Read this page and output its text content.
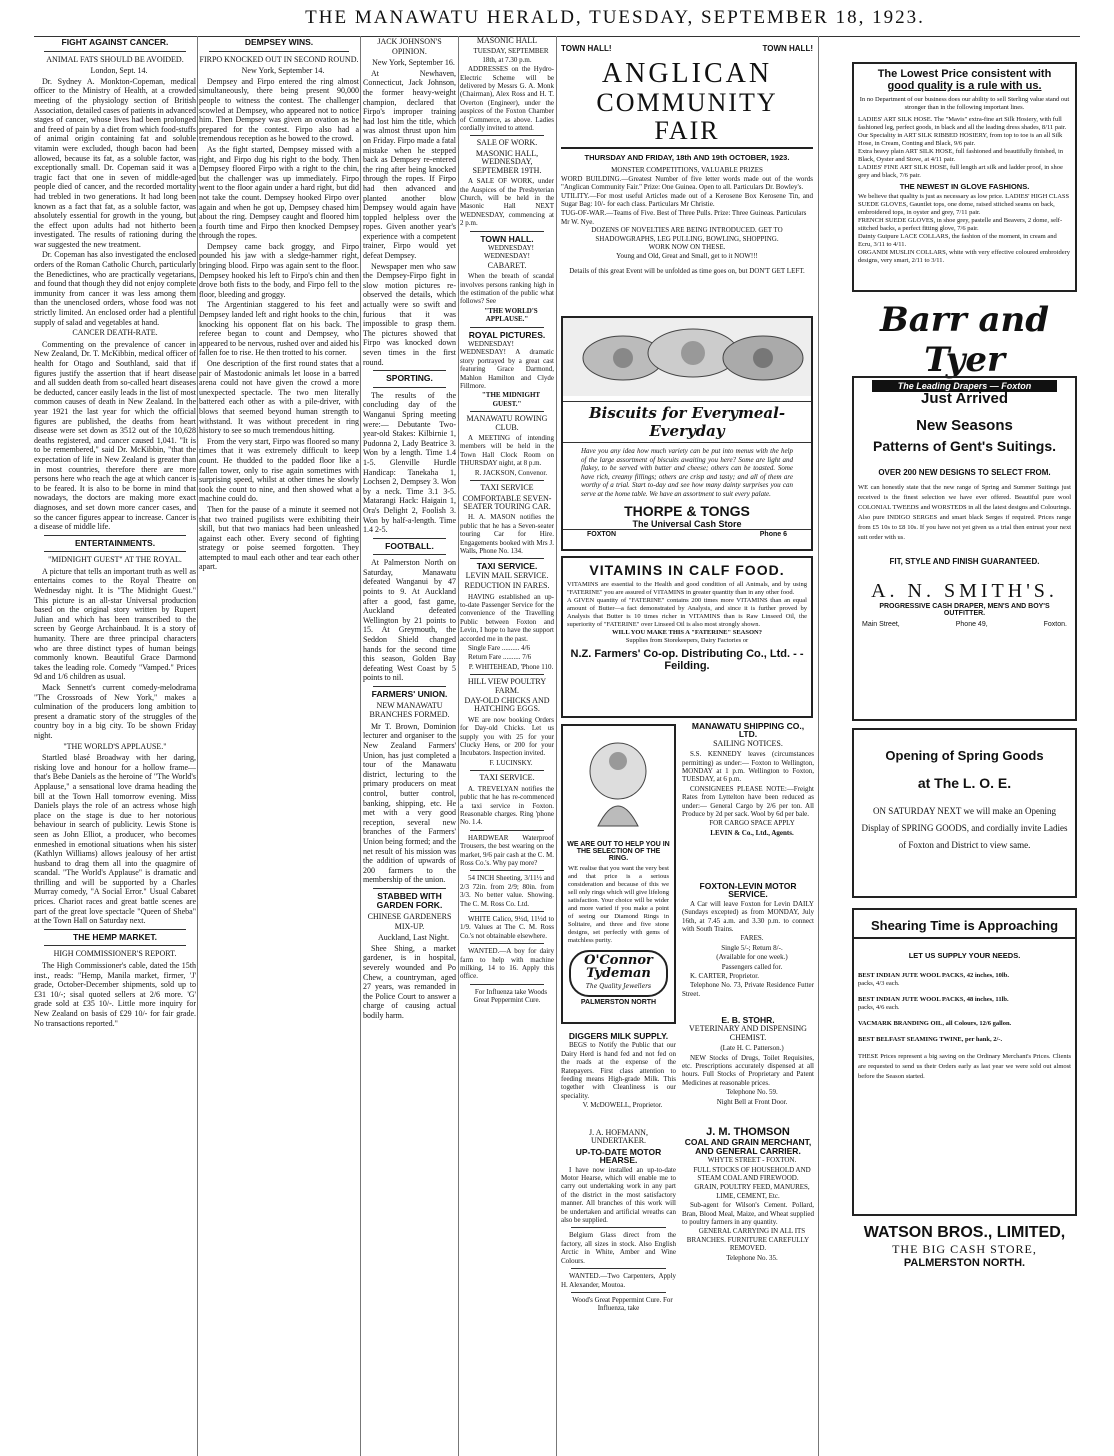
THE MANAWATU HERALD, TUESDAY, SEPTEMBER 18, 1923.
FIGHT AGAINST CANCER.
ANIMAL FATS SHOULD BE AVOIDED.

London, Sept. 14.

Dr. Sydney A. Monkton-Copeman, medical officer to the Ministry of Health, at a crowded meeting of the physiology section of British Association, detailed cases of patients in advanced stages of cancer, whose lives had been prolonged and freed of pain by a diet from which food-stuffs of animal origin containing fat and soluble vitamin were excluded, though bacon had been allowed, because its fat, as a soluble factor, was exceptionally small. Dr. Copeman said it was a tragic fact that one in seven of middle-aged people died of cancer, and the recorded mortality had trebled in two generations. It had long been known as a fact that fat, as a soluble factor, was absolutely essential for growth in the young, but the effect upon adults had not hitherto been investigated. The results of rationing during the war suggested the new treatment.

Dr. Copeman has also investigated the enclosed orders of the Roman Catholic Church, particularly the Benedictines, who are practically vegetarians, and found that though they did not enjoy complete immunity from cancer it was less among them than the unenclosed orders, whose food was not strictly limited. An enclosed order had a plentiful supply of salad and vegetables at hand.

CANCER DEATH-RATE.

Commenting on the prevalence of cancer in New Zealand, Dr. T. McKibbin, medical officer of health for Otago and Southland, said that if figures justify the assertion that if heart disease and all sudden death from so-called heart diseases be deducted, cancer easily leads in the list of most common causes of death in New Zealand. In the year 1921 the last year for which the official figures are published, the deaths from heart disease were set down as 3512 out of the 10,628 deaths registered, and cancer caused 1,041. "It is to be remembered," said Dr. McKibbin, "that the expectation of life in New Zealand is greater than in most countries, therefore there are more persons here who reach the age at which cancer is to be feared. It is also to be borne in mind that nowadays, the doctors are making more exact diagnoses, and set down more cancer cases, and so the cancer figures appear to increase. Cancer is a disease of middle life.

ENTERTAINMENTS.
"MIDNIGHT GUEST" AT THE ROYAL.

A picture that tells an important truth as well as entertains comes to the Royal Theatre on Wednesday night. It is "The Midnight Guest." This picture is an all-star Universal production based on the original story written by Rupert Julian and which has been transcribed to the screen by George Archainbaud. It is a story of humanity. There are three principal characters who are three distinct types of human beings commonly known. Beautiful Grace Darmond takes the leading role. Comedy "Vamped." Prices 9d and 1/6 children as usual.

Mack Sennett's current comedy-melodrama "The Crossroads of New York," makes a culmination of the producers long ambition to present a dramatic story of the struggles of the country boy in a big city. To be shown Friday night.

"THE WORLD'S APPLAUSE."

Startled blasé Broadway with her daring, risking love and honour for a hollow frame—that's Bebe Daniels as the heroine of "The World's Applause," a sensational love drama heading the bill at the Town Hall tomorrow evening. Miss Daniels plays the role of an actress whose high place on the stage is due to her notorious behaviour in search of publicity. Lewis Stone is seen as John Elliot, a producer, who becomes enmeshed in emotional situations when his sister (Kathlyn Williams) allows jealousy of her artist husband to drag them all into the quagmire of scandal. "The World's Applause" is dramatic and thrilling and will be supported by a Charles Murray comedy, "A Social Error." Usual Cabaret prices. Chariot races and great battle scenes are part of the great love spectacle "Queen of Sheba" at the Town Hall on Saturday next.

THE HEMP MARKET.
HIGH COMMISSIONER'S REPORT.

The High Commissioner's cable, dated the 15th inst., reads: "Hemp, Manila market, firmer, 'J' grade, October-December shipments, sold up to £31 10/-; sisal quoted sellers at 2/6 more. 'G' grade sold at £35 10/-. Little more inquiry for New Zealand on basis of £29 10/- for fair grade. No transactions reported."

DEMPSEY WINS.
FIRPO KNOCKED OUT IN SECOND ROUND.

New York, September 14.

Dempsey and Firpo entered the ring almost simultaneously, there being present 90,000 people to witness the contest. The challenger scowled at Dempsey, who appeared not to notice him. Then Dempsey was given an ovation as he prepared for the contest. Firpo also had a tremendous reception as he bowed to the crowd.

As the fight started, Dempsey missed with a right, and Firpo dug his right to the body. Then Dempsey floored Firpo with a right to the chin, but the challenger was up immediately. Firpo went to the floor again under a hard right, but did not take the count. Dempsey hooked Firpo over again and when he got up, Dempsey chased him about the ring. Dempsey caught and floored him a fourth time and Firpo then knocked Dempsey through the ropes.

Dempsey came back groggy, and Firpo pounded his jaw with a sledge-hammer right, bringing blood. Firpo was again sent to the floor. Dempsey hooked his left to Firpo's chin and then drove both fists to the body, and Firpo fell to the floor, bleeding and groggy.

The Argentinian staggered to his feet and Dempsey landed left and right hooks to the chin, knocking his opponent flat on his back. The referee began to count and Dempsey, who appeared to be nervous, rushed over and aided his fallen foe to rise. He then trotted to his corner.

One description of the first round states that a pair of Mastodonic animals let loose in a barred arena could not have given the crowd a more unexpected spectacle. The two men literally battered each other as with a pile-driver, with blows that seemed beyond human strength to withstand. It was without precedent in ring history to see so much tremendous hitting.

From the very start, Firpo was floored so many times that it was extremely difficult to keep count. He thudded to the padded floor like a fallen tower, only to rise again sometimes with surprising speed, whilst at other times he slowly took the count to nine, and then showed what a machine could do.

Then for the pause of a minute it seemed not that two trained pugilists were exhibiting their skill, but that two maniacs had been unleashed against each other. Every second of fighting strategy or poise seemed forgotten. They attempted to maul each other and tear each other apart.

JACK JOHNSON'S OPINION.

New York, September 16.

At Newhaven, Connecticut, Jack Johnson, the former heavy-weight champion, declared that Firpo's improper training had lost him the title, which was almost thrust upon him on Friday. Firpo made a fatal mistake when he stepped back as Dempsey re-entered the ring after being knocked through the ropes. If Firpo had then advanced and planted another blow Dempsey would again have toppled helpless over the ropes. Given another year's experience with a competent trainer, Firpo would yet defeat Dempsey.

Newspaper men who saw the Dempsey-Firpo fight in slow motion pictures re-observed the details, which actually were so swift and furious that it was impossible to grasp them. The pictures showed that Firpo was knocked down seven times in the first round.

SPORTING.

The results of the concluding day of the Wanganui Spring meeting were:— Debutante Two-year-old Stakes: Kilbirnie 1, Pudonna 2, Lady Beatrice 3. Won by a length. Time 1.4 1-5. Glenville Hurdle Handicap: Tanekaha 1, Lochsen 2, Dempsey 3. Won by a neck. Time 3.1 3-5. Matarangi Hack: Haigain 1, Ora's Delight 2, Foolish 3. Won by half-a-length. Time 1.4 2-5.

FOOTBALL.

At Palmerston North on Saturday, Manawatu defeated Wanganui by 47 points to 9. At Auckland after a good, fast game, Auckland defeated Wellington by 21 points to 15. At Greymouth, the Seddon Shield changed hands for the second time this season, Golden Bay defeating West Coast by 5 points to nil.

FARMERS' UNION.
NEW MANAWATU BRANCHES FORMED.

Mr T. Brown, Dominion lecturer and organiser to the New Zealand Farmers' Union, has just completed a tour of the Manawatu district, lecturing to the primary producers on meat control, butter control, banking, shipping, etc. He met with a very good reception, several new branches of the Farmers' Union being formed; and the net result of his mission was the addition of upwards of 200 farmers to the membership of the union.

STABBED WITH GARDEN FORK.
CHINESE GARDENERS MIX-UP.

Auckland, Last Night.

Shee Shing, a market gardener, is in hospital, severely wounded and Po Chew, a countryman, aged 27 years, was remanded in the Police Court to answer a charge of causing actual bodily harm.

MASONIC HALL

TUESDAY, SEPTEMBER 18th, at 7.30 p.m.

ADDRESSES on the Hydro-Electric Scheme will be delivered by Messrs G. A. Monk (Chairman), Alex Ross and H. T. Overton (Engineer), under the auspices of the Foxton Chamber of Commerce, as above. Ladies cordially invited to attend.

SALE OF WORK.
MASONIC HALL, WEDNESDAY, SEPTEMBER 19TH.

A SALE OF WORK, under the Auspices of the Presbyterian Church, will be held in the Masonic Hall NEXT WEDNESDAY, commencing at 2 p.m.

TOWN HALL.

WEDNESDAY! WEDNESDAY!

CABARET.

When the breath of scandal involves persons ranking high in the estimation of the public what follows? See

"THE WORLD'S APPLAUSE."

ROYAL PICTURES.

WEDNESDAY! WEDNESDAY! A dramatic story portrayed by a great cast featuring Grace Darmond, Mahlon Hamilton and Clyde Fillmore.

"THE MIDNIGHT GUEST."

MANAWATU ROWING CLUB.

A MEETING of intending members will be held in the Town Hall Clock Room on THURSDAY night, at 8 p.m.

R. JACKSON, Convenor.

TAXI SERVICE
COMFORTABLE SEVEN-SEATER TOURING CAR.

H. A. MASON notifies the public that he has a Seven-seater touring Car for Hire. Engagements booked with Mrs J. Walls, Phone No. 134.

TAXI SERVICE.
LEVIN MAIL SERVICE.
REDUCTION IN FARES.

HAVING established an up-to-date Passenger Service for the convenience of the Travelling Public between Foxton and Levin, I hope to have the support accorded me in the past.

Single Fare .......... 4/6

Return Fare .......... 7/6

P. WHITEHEAD, 'Phone 110.

HILL VIEW POULTRY FARM.
DAY-OLD CHICKS AND HATCHING EGGS.

WE are now booking Orders for Day-old Chicks. Let us supply you with 25 for your Clucky Hens, or 200 for your Incubators. Inspection invited.

F. LUCINSKY.

TAXI SERVICE.

A. TREVELYAN notifies the public that he has re-commenced a taxi service in Foxton. Reasonable charges. Ring 'phone No. 1.4.

HARDWEAR Waterproof Trousers, the best wearing on the market, 9/6 pair cash at the C. M. Ross Co.'s. Why pay more?

54 INCH Sheeting, 3/11½ and 2/3 72in. from 2/9; 80in. from 3/3. No better value. Showing. The C. M. Ross Co. Ltd.

WHITE Calico, 9½d, 11½d to 1/9. Values at The C. M. Ross Co.'s not obtainable elsewhere.

WANTED.—A boy for dairy farm to help with machine milking, 14 to 16. Apply this office.

For Influenza take Woods Great Peppermint Cure.

TOWN HALL!	TOWN HALL!
ANGLICAN
COMMUNITY FAIR
THURSDAY AND FRIDAY, 18th AND 19th OCTOBER, 1923.
MONSTER COMPETITIONS, VALUABLE PRIZES
WORD BUILDING.—Greatest Number of five letter words made out of the words "Anglican Community Fair." Prize: One Guinea. Open to all. Particulars Dr. Bowley's.
UTILITY.—For most useful Articles made out of a Kerosene Box Kerosene Tin, and Sugar Bag: 10/- for each class. Particulars Mr Christie.
TUG-OF-WAR.—Teams of Five. Best of Three Pulls. Prize: Three Guineas. Particulars Mr W. Nye.
DOZENS OF NOVELTIES ARE BEING INTRODUCED. GET TO SHADOWGRAPHS, LEG PULLING, BOWLING, SHOPPING.
WORK NOW ON THESE.
Young and Old, Great and Small, get to it NOW!!!
Details of this great Event will be unfolded as time goes on, but DON'T GET LEFT.
Biscuits for Everymeal-Everyday
Have you any idea how much variety can be put into menus with the help of the large assortment of biscuits awaiting you here? Some are light and flakey, to be served with butter and cheese; others can be toasted. Some have rich, creamy fillings; others are crisp and tasty; and all of them are worthy of a trial. Start to-day and see how many dainty surprises you can serve at the home table. We have an assortment to suit every palate.
THORPE & TONGS
The Universal Cash Store
FOXTON	Phone 6
VITAMINS IN CALF FOOD.
VITAMINS are essential to the Health and good condition of all Animals, and by using "FATERINE" you are assured of VITAMINS in greater quantity than in any other food.
A GIVEN quantity of "FATERINE" contains 200 times more VITAMINS than an equal amount of Butter—a fact demonstrated by Analysis, and since it is further proved by Analysis that Butter is 10 times richer in VITAMINS than is Raw Linseed Oil, the superiority of "FATERINE" over Linseed Oil is also most strongly shown.
WILL YOU MAKE THIS A "FATERINE" SEASON?
Supplies from Storekeepers, Dairy Factories or
N.Z. Farmers' Co-op. Distributing Co., Ltd. - - Feilding.
WE ARE OUT TO HELP YOU IN THE SELECTION OF THE RING.
WE realise that you want the very best and that price is a serious consideration and because of this we sell only rings which will give lifelong satisfaction. Your choice will be wider and more varied if you make a point of seeing our Diamond Rings in Solitaire, and three and five stone designs, set perfectly with gems of matchless purity.
O'Connor
Tydeman
The Quality Jewellers
PALMERSTON NORTH
MANAWATU SHIPPING CO., LTD.
SAILING NOTICES.

S.S. KENNEDY leaves (circumstances permitting) as under:— Foxton to Wellington, MONDAY at 1 p.m. Wellington to Foxton, TUESDAY, at 6 p.m.

CONSIGNEES PLEASE NOTE:—Freight Rates from Lyttelton have been reduced as under:— General Cargo by 2/6 per ton. All Produce by 2d per sack. Wool by 6d per bale.

FOR CARGO SPACE APPLY

LEVIN & Co., Ltd., Agents.

FOXTON-LEVIN MOTOR SERVICE.

A Car will leave Foxton for Levin DAILY (Sundays excepted) as from MONDAY, July 16th, at 7.45 a.m. and 3.30 p.m. to connect with South Trains.

FARES.

Single 5/-; Return 8/-.

(Available for one week.)

Passengers called for.

K. CARTER, Proprietor.

Telephone No. 73, Private Residence Futter Street.

E. B. STOHR.
VETERINARY AND DISPENSING CHEMIST.

(Late H. C. Patterson.)

NEW Stocks of Drugs, Toilet Requisites, etc. Prescriptions accurately dispensed at all hours. Full Stocks of Proprietary and Patent Medicines at reasonable prices.

Telephone No. 59.

Night Bell at Front Door.

DIGGERS MILK SUPPLY.

BEGS to Notify the Public that our Dairy Herd is hand fed and not fed on the roads at the expense of the Ratepayers. First class attention to feeding means High-grade Milk. This together with Cleanliness is our speciality.

V. McDOWELL, Proprietor.

J. A. HOFMANN, UNDERTAKER.
UP-TO-DATE MOTOR HEARSE.

I have now installed an up-to-date Motor Hearse, which will enable me to carry out undertaking work in any part of the district in the most satisfactory manner. All branches of this work will be undertaken and artificial wreaths can also be supplied.

Belgium Glass direct from the factory, all sizes in stock. Also English Arctic in White, Amber and Wine Colours.

WANTED.—Two Carpenters, Apply H. Alexander, Moutoa.

Wood's Great Peppermint Cure. For Influenza, take

J. M. THOMSON
COAL AND GRAIN MERCHANT, AND GENERAL CARRIER.

WHYTE STREET - FOXTON.

FULL STOCKS OF HOUSEHOLD AND STEAM COAL AND FIREWOOD.

GRAIN, POULTRY FEED, MANURES, LIME, CEMENT, Etc.

Sub-agent for Wilson's Cement. Pollard, Bran, Blood Meal, Maize, and Wheat supplied to poultry farmers in any quantity.

GENERAL CARRYING IN ALL ITS BRANCHES. FURNITURE CAREFULLY REMOVED.

Telephone No. 35.

The Lowest Price consistent with
good quality is a rule with us.
In no Department of our business does our ability to sell Sterling value stand out stronger than in the following important lines.
LADIES' ART SILK HOSE. The "Mavis" extra-fine art Silk Hosiery, with full fashioned leg, perfect goods, in black and all the leading dress shades, 8/11 pair.
Our Speciality in ART SILK RIBBED HOSIERY, from top to toe is an all Silk Hose, in Cream, Conting and Black, 9/6 pair.
Extra heavy plain ART SILK HOSE, full fashioned and beautifully finished, in Black, Oyster and Stove, at 4/11 pair.
LADIES' FINE ART SILK HOSE, full length art silk and ladder proof, in shoe grey and black, 7/6 pair.
THE NEWEST IN GLOVE FASHIONS.
We believe that quality is just as necessary as low price. LADIES' HIGH CLASS SUEDE GLOVES, Gauntlet tops, one dome, raised stitched seams on back, embroidered tops, in oyster and grey, 7/11 pair.
FRENCH SUEDE GLOVES, in shoe grey, pastelle and Beavers, 2 dome, self-stitched backs, a perfect fitting glove, 7/6 pair.
Dainty Guipure LACE COLLARS, the fashion of the moment, in cream and Ecru, 3/11 to 4/11.
ORGANDI MUSLIN COLLARS, white with very effective coloured embroidery designs, very smart, 2/11 to 3/11.
Barr and Tyer
The Leading Drapers — Foxton
Just Arrived
New Seasons
Patterns of Gent's Suitings.
OVER 200 NEW DESIGNS TO SELECT FROM.
WE can honestly state that the new range of Spring and Summer Suitings just received is the finest selection we have ever offered. Beautiful pure wool COLONIAL TWEEDS and WORSTEDS in all the latest designs and Colourings. Also pure INDIGO SERGES and smart black Serges if required. Prices range from £5 10s to £8 10s. If you have not yet given us a trial then entrust your next suit order with us.
FIT, STYLE AND FINISH GUARANTEED.
A. N. SMITH'S.
PROGRESSIVE CASH DRAPER, MEN'S AND BOY'S OUTFITTER.
Main Street,	Phone 49,	Foxton.
Opening of Spring Goods
at The L. O. E.
ON SATURDAY NEXT we will make an Opening Display of SPRING GOODS, and cordially invite Ladies of Foxton and District to view same.
Shearing Time is Approaching
LET US SUPPLY YOUR NEEDS.
BEST INDIAN JUTE WOOL PACKS, 42 inches, 10lb.
packs, 4/3 each.
BEST INDIAN JUTE WOOL PACKS, 48 inches, 11lb.
packs, 4/6 each.
VACMARK BRANDING OIL, all Colours, 12/6 gallon.
BEST BELFAST SEAMING TWINE, per hank, 2/-.
THESE Prices represent a big saving on the Ordinary Merchant's Prices. Clients are requested to send us their Orders early as last year we were sold out almost before the Season started.
WATSON BROS., LIMITED,
THE BIG CASH STORE,
PALMERSTON NORTH.
